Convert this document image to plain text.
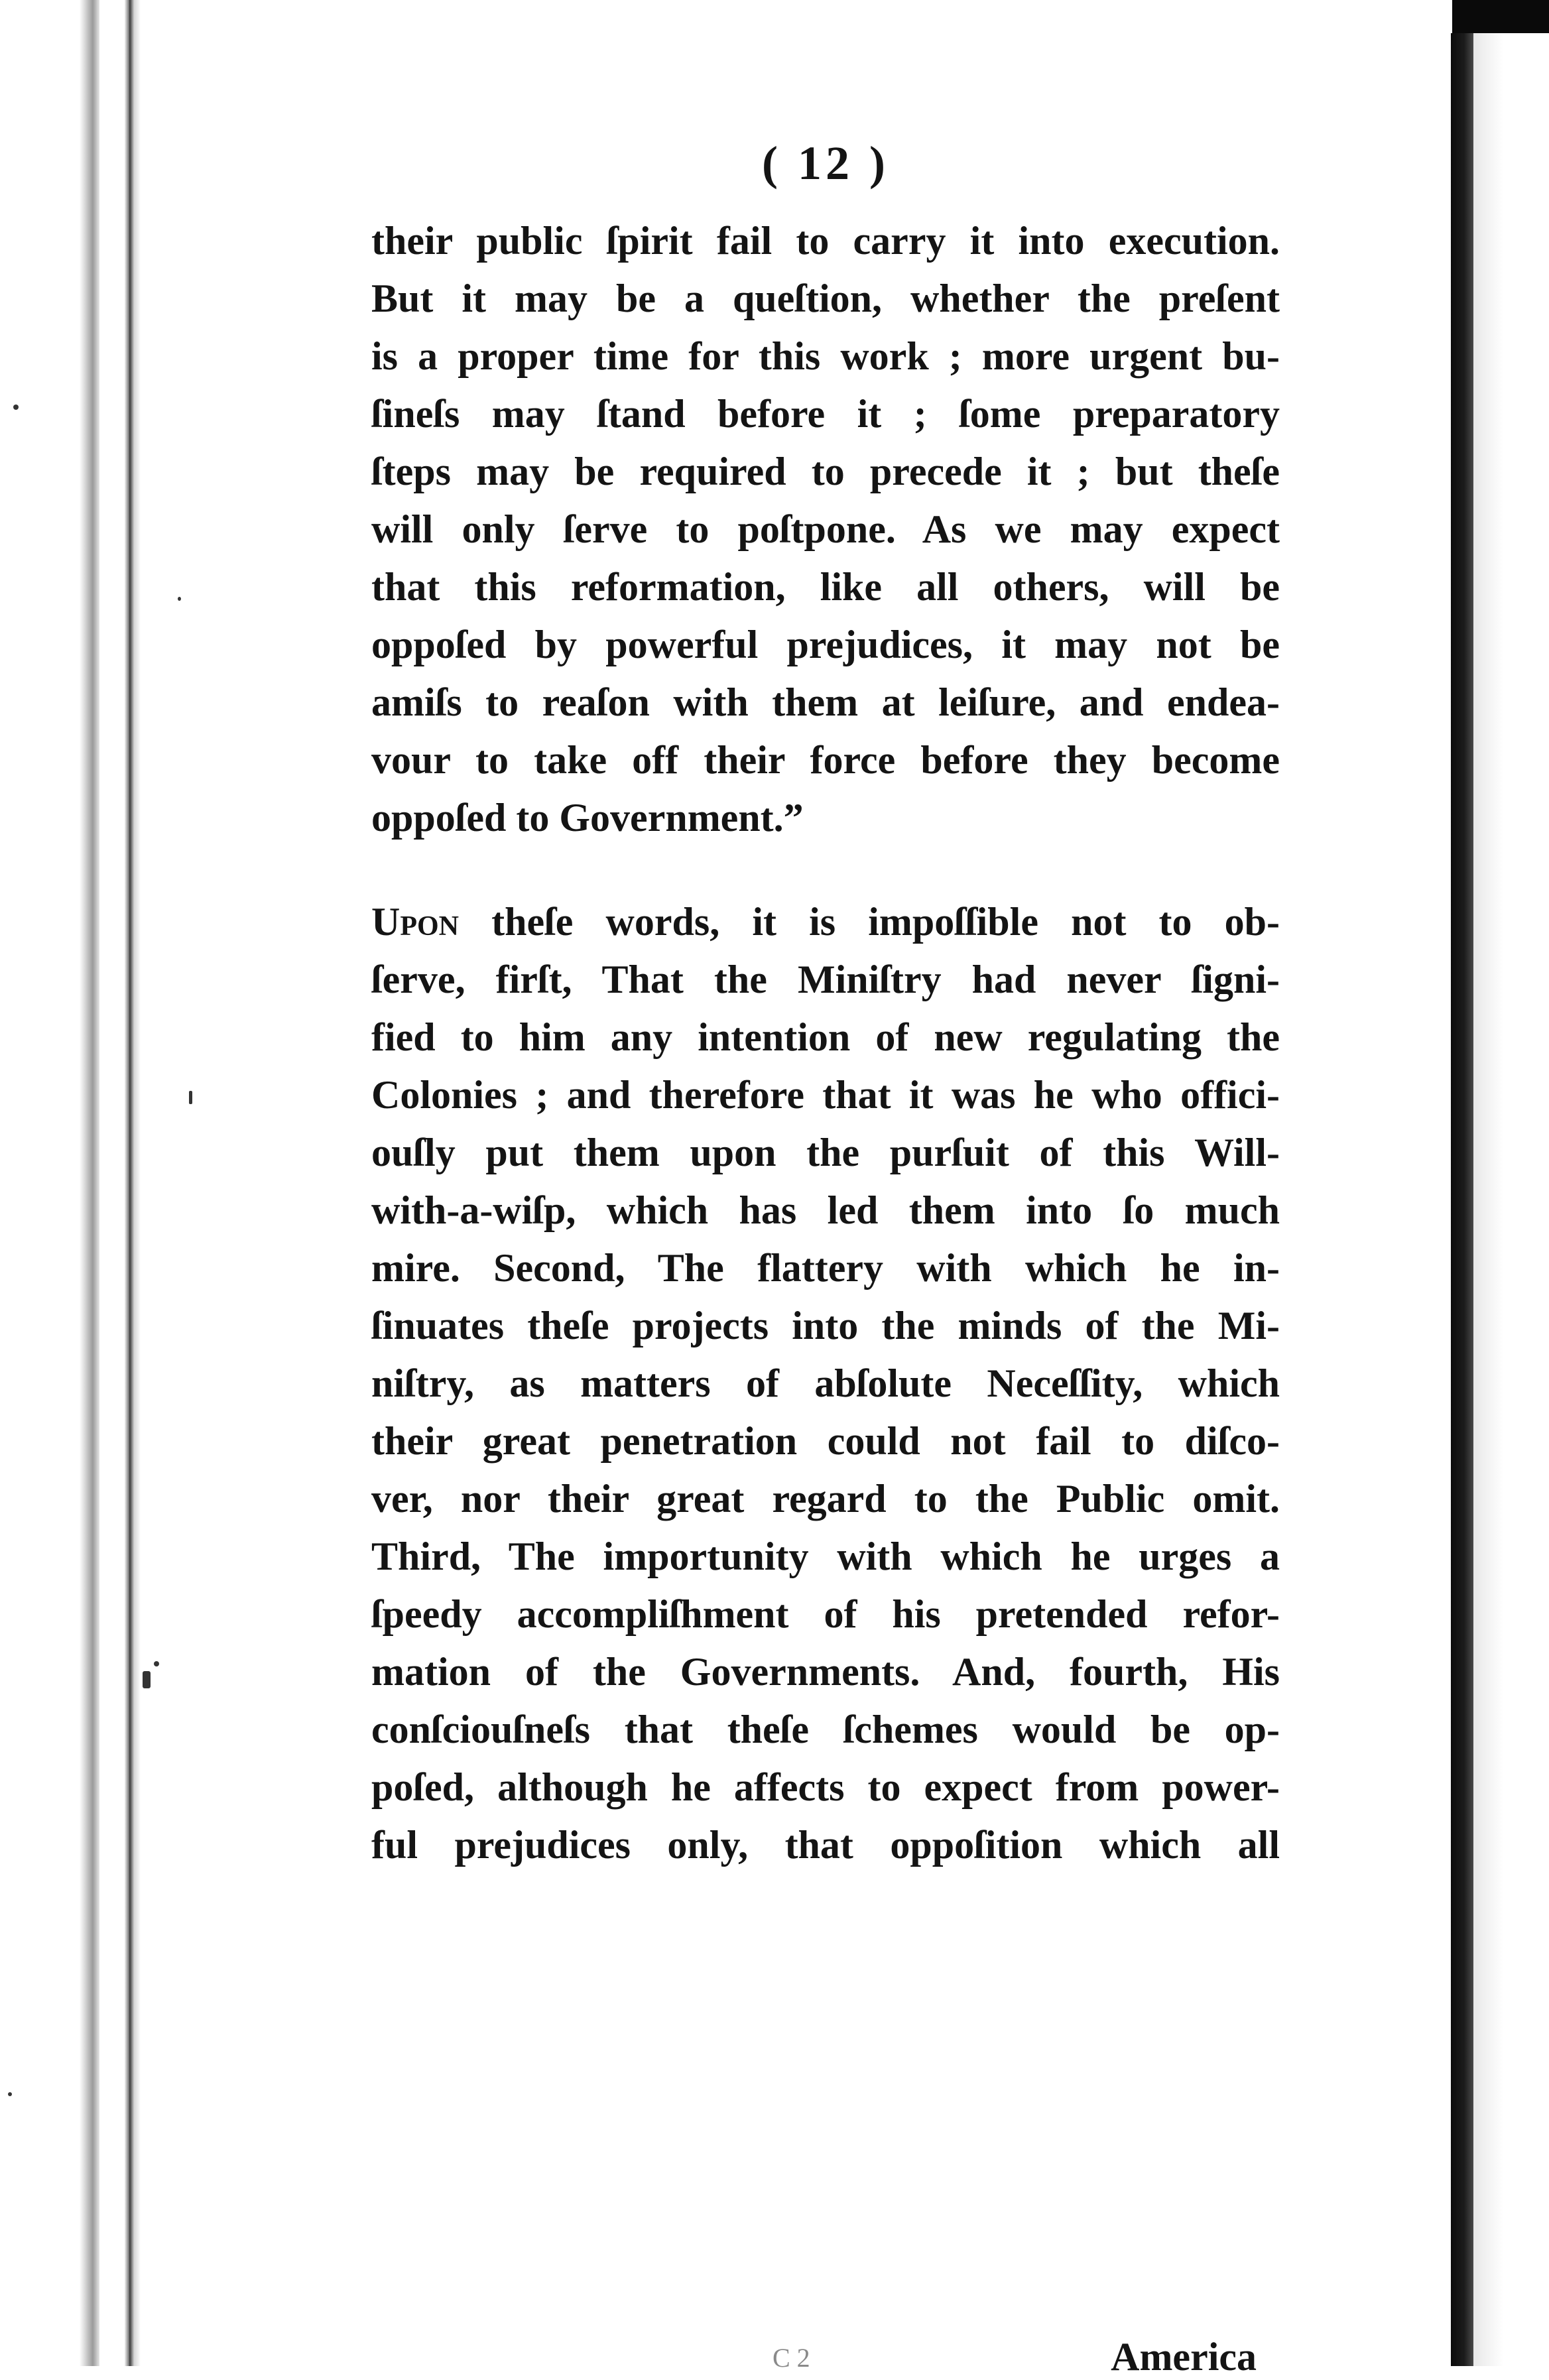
( 12 )
their public ſpirit fail to carry it into execution.
But it may be a queſtion, whether the preſent
is a proper time for this work ; more urgent bu-
ſineſs may ſtand before it ; ſome preparatory
ſteps may be required to precede it ; but theſe
will only ſerve to poſtpone. As we may expect
that this reformation, like all others, will be
oppoſed by powerful prejudices, it may not be
amiſs to reaſon with them at leiſure, and endea-
vour to take off their force before they become
oppoſed to Government.”
Upon theſe words, it is impoſſible not to ob-
ſerve, firſt, That the Miniſtry had never ſigni-
fied to him any intention of new regulating the
Colonies ; and therefore that it was he who offici-
ouſly put them upon the purſuit of this Will-
with-a-wiſp, which has led them into ſo much
mire. Second, The flattery with which he in-
ſinuates theſe projects into the minds of the Mi-
niſtry, as matters of abſolute Neceſſity, which
their great penetration could not fail to diſco-
ver, nor their great regard to the Public omit.
Third, The importunity with which he urges a
ſpeedy accompliſhment of his pretended refor-
mation of the Governments. And, fourth, His
conſciouſneſs that theſe ſchemes would be op-
poſed, although he affects to expect from power-
ful prejudices only, that oppoſition which all
C 2	America
